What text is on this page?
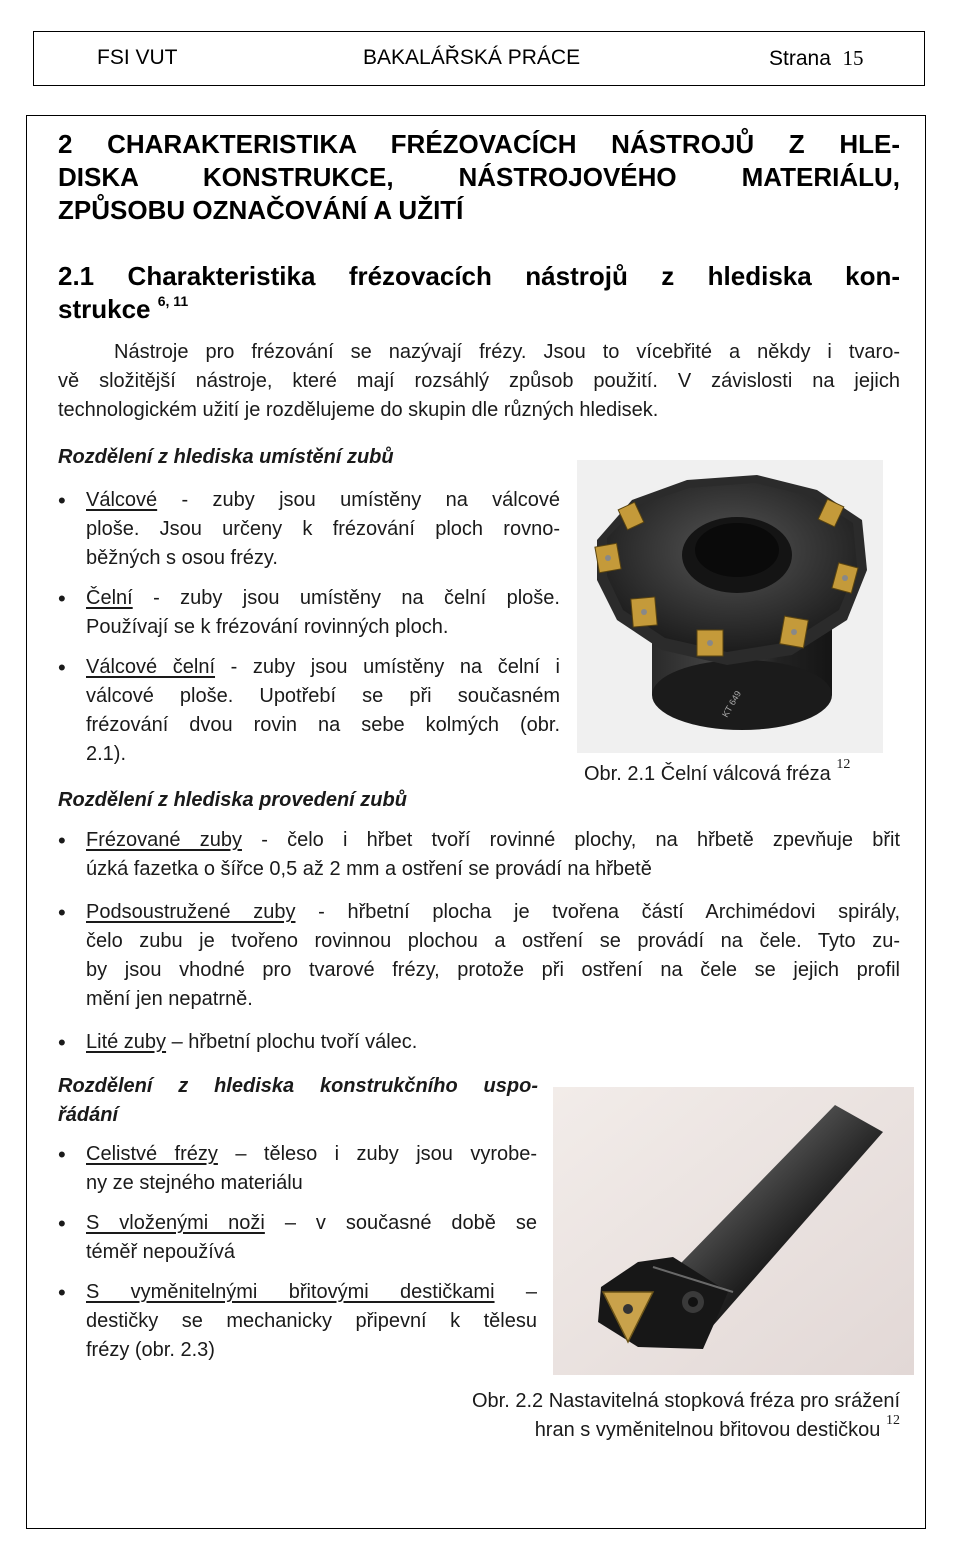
FSI VUT	BAKALÁŘSKÁ PRÁCE	Strana 15
2 CHARAKTERISTIKA FRÉZOVACÍCH NÁSTROJŮ Z HLE-
DISKA KONSTRUKCE, NÁSTROJOVÉHO MATERIÁLU,
ZPŮSOBU OZNAČOVÁNÍ A UŽITÍ
2.1 Charakteristika frézovacích nástrojů z hlediska kon-
strukce $^{6, 11}$
Nástroje pro frézování se nazývají frézy. Jsou to vícebřité a někdy i tvaro-
vě složitější nástroje, které mají rozsáhlý způsob použití. V závislosti na jejich
technologickém užití je rozdělujeme do skupin dle různých hledisek.
Rozdělení z hlediska umístění zubů
• Válcové - zuby jsou umístěny na válcové
ploše. Jsou určeny k frézování ploch rovno-
běžných s osou frézy.
• Čelní - zuby jsou umístěny na čelní ploše.
Používají se k frézování rovinných ploch.
• Válcové čelní - zuby jsou umístěny na čelní i
válcové ploše. Upotřebí se při současném
frézování dvou rovin na sebe kolmých (obr.
2.1).
KT 649
Obr. 2.1 Čelní válcová fréza $^{12}$
Rozdělení z hlediska provedení zubů
• Frézované zuby - čelo i hřbet tvoří rovinné plochy, na hřbetě zpevňuje břit
úzká fazetka o šířce 0,5 až 2 mm a ostření se provádí na hřbetě
• Podsoustružené zuby - hřbetní plocha je tvořena částí Archimédovi spirály,
čelo zubu je tvořeno rovinnou plochou a ostření se provádí na čele. Tyto zu-
by jsou vhodné pro tvarové frézy, protože při ostření na čele se jejich profil
mění jen nepatrně.
• Lité zuby – hřbetní plochu tvoří válec.
Rozdělení z hlediska konstrukčního uspo-
řádání
• Celistvé frézy – těleso i zuby jsou vyrobe-
ny ze stejného materiálu
• S vloženými noži – v současné době se
téměř nepoužívá
• S vyměnitelnými břitovými destičkami –
destičky se mechanicky připevní k tělesu
frézy (obr. 2.3)
Obr. 2.2 Nastavitelná stopková fréza pro srážení
hran s vyměnitelnou břitovou destičkou $^{12}$
